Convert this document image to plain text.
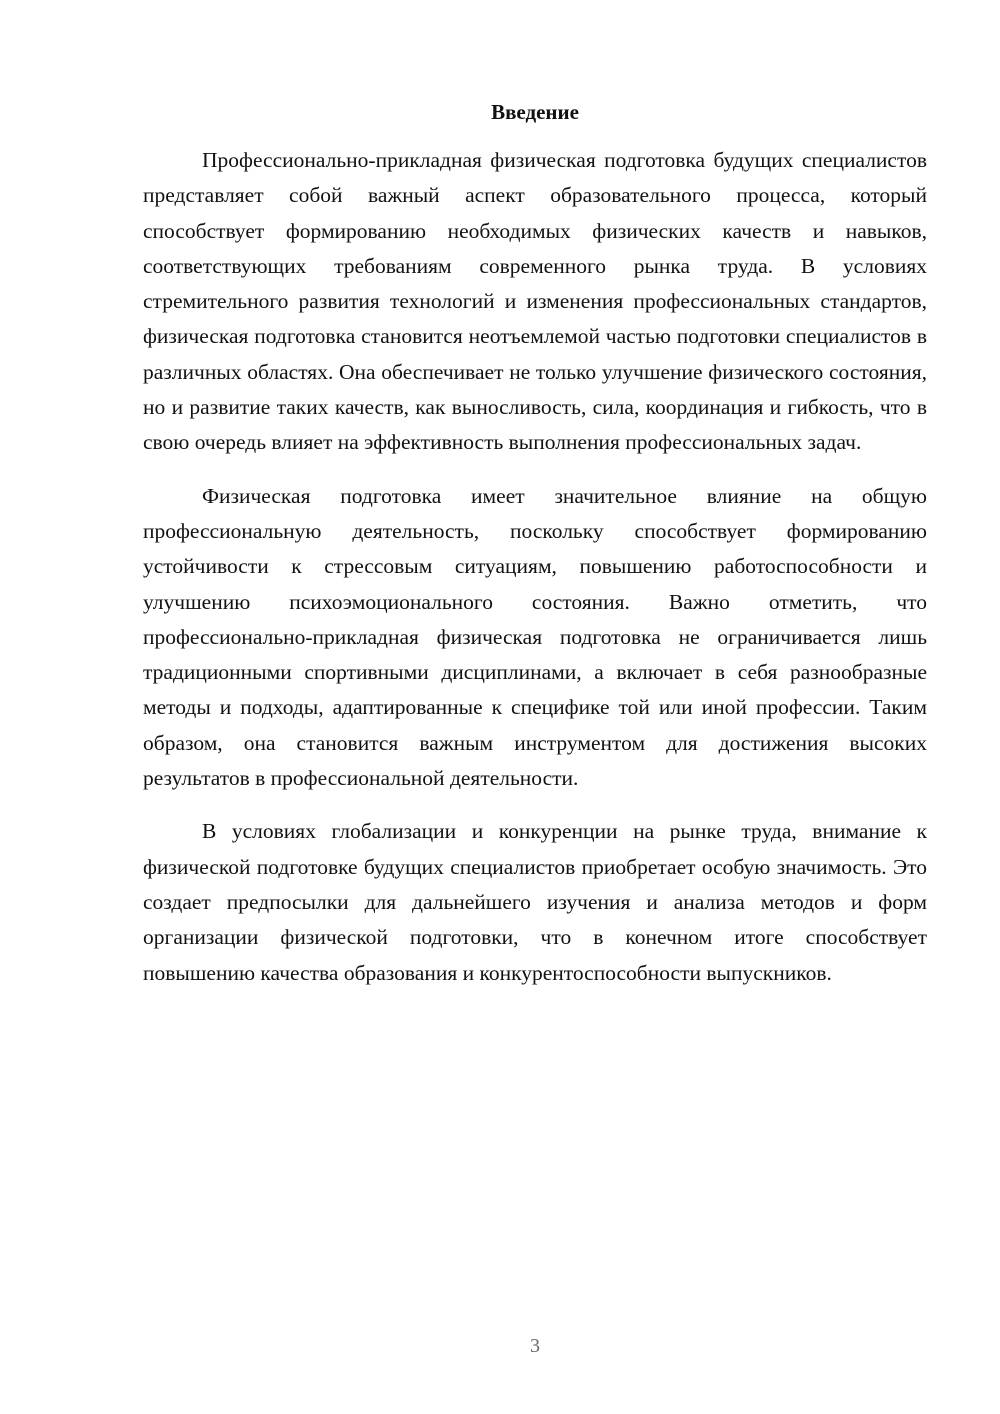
Введение

Профессионально-прикладная физическая подготовка будущих специалистов представляет собой важный аспект образовательного процесса, который способствует формированию необходимых физических качеств и навыков, соответствующих требованиям современного рынка труда. В условиях стремительного развития технологий и изменения профессиональных стандартов, физическая подготовка становится неотъемлемой частью подготовки специалистов в различных областях. Она обеспечивает не только улучшение физического состояния, но и развитие таких качеств, как выносливость, сила, координация и гибкость, что в свою очередь влияет на эффективность выполнения профессиональных задач.

Физическая подготовка имеет значительное влияние на общую профессиональную деятельность, поскольку способствует формированию устойчивости к стрессовым ситуациям, повышению работоспособности и улучшению психоэмоционального состояния. Важно отметить, что профессионально-прикладная физическая подготовка не ограничивается лишь традиционными спортивными дисциплинами, а включает в себя разнообразные методы и подходы, адаптированные к специфике той или иной профессии. Таким образом, она становится важным инструментом для достижения высоких результатов в профессиональной деятельности.

В условиях глобализации и конкуренции на рынке труда, внимание к физической подготовке будущих специалистов приобретает особую значимость. Это создает предпосылки для дальнейшего изучения и анализа методов и форм организации физической подготовки, что в конечном итоге способствует повышению качества образования и конкурентоспособности выпускников.

3
